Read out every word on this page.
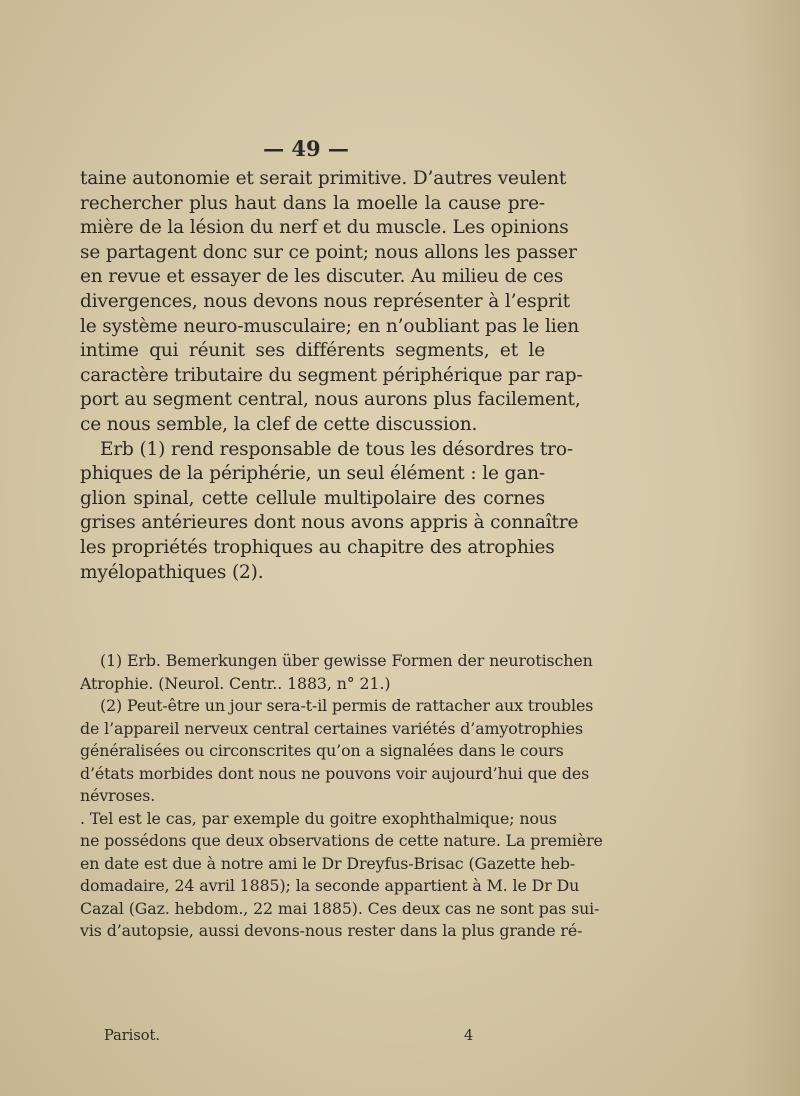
— 49 —
taine autonomie et serait primitive. D’autres veulent
rechercher plus haut dans la moelle la cause pre-
mière de la lésion du nerf et du muscle. Les opinions
se partagent donc sur ce point; nous allons les passer
en revue et essayer de les discuter. Au milieu de ces
divergences, nous devons nous représenter à l’esprit
le système neuro-musculaire; en n’oubliant pas le lien
intime qui réunit ses différents segments, et le
caractère tributaire du segment périphérique par rap-
port au segment central, nous aurons plus facilement,
ce nous semble, la clef de cette discussion.
Erb (1) rend responsable de tous les désordres tro-
phiques de la périphérie, un seul élément : le gan-
glion spinal, cette cellule multipolaire des cornes
grises antérieures dont nous avons appris à connaître
les propriétés trophiques au chapitre des atrophies
myélopathiques (2).
(1) Erb. Bemerkungen über gewisse Formen der neurotischen
Atrophie. (Neurol. Centr.. 1883, n° 21.)
(2) Peut-être un jour sera-t-il permis de rattacher aux troubles
de l’appareil nerveux central certaines variétés d’amyotrophies
généralisées ou circonscrites qu’on a signalées dans le cours
d’états morbides dont nous ne pouvons voir aujourd’hui que des
névroses.
. Tel est le cas, par exemple du goitre exophthalmique; nous
ne possédons que deux observations de cette nature. La première
en date est due à notre ami le Dr Dreyfus-Brisac (Gazette heb-
domadaire, 24 avril 1885); la seconde appartient à M. le Dr Du
Cazal (Gaz. hebdom., 22 mai 1885). Ces deux cas ne sont pas sui-
vis d’autopsie, aussi devons-nous rester dans la plus grande ré-
Parisot.	4
